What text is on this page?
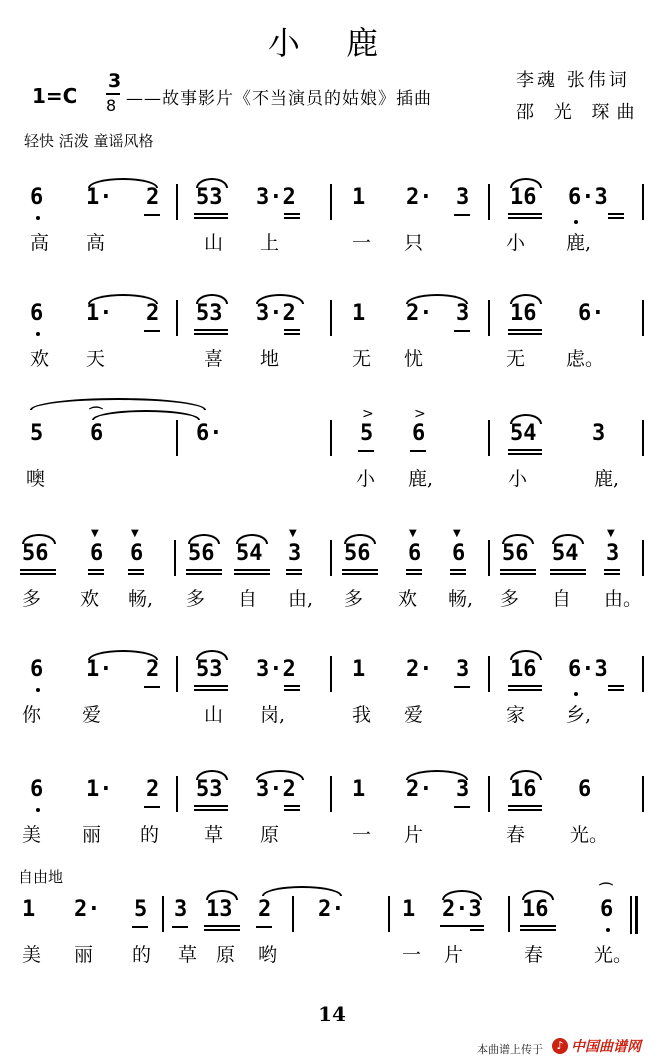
小 鹿
1=C
3
8 ——故事影片《不当演员的姑娘》插曲
李魂 张伟词
邵 光 琛曲
轻快 活泼 童谣风格
6 1· 2 53 3·2	1 2· 3 16 6·3
高 高	山 上	一 只	小 鹿,
6 1· 2 53 3·2	1 2· 3 16 6·
欢 天	喜 地	无 忧	无 虑。
5 6
⌒
6·	5
>
6
>
54	3
噢	小 鹿,	小	鹿,
56 6
▼
6
▼
56 54 3
▼
56 6
▼
6
▼
56 54 3
▼
多 欢 畅, 多 自 由, 多 欢 畅, 多 自 由。
6 1· 2 53 3·2	1 2· 3 16 6·3
你 爱	山 岗,	我 爱	家 乡,
6 1· 2 53 3·2	1 2· 3 16 6
美 丽 的 草 原	一 片	春 光。
自由地
1 2· 5 3 13 2 2·	1 2·3 16 6
⌒
美 丽 的 草 原 哟	一 片	春	光。
14
本曲谱上传于	♪ 中国曲谱网
